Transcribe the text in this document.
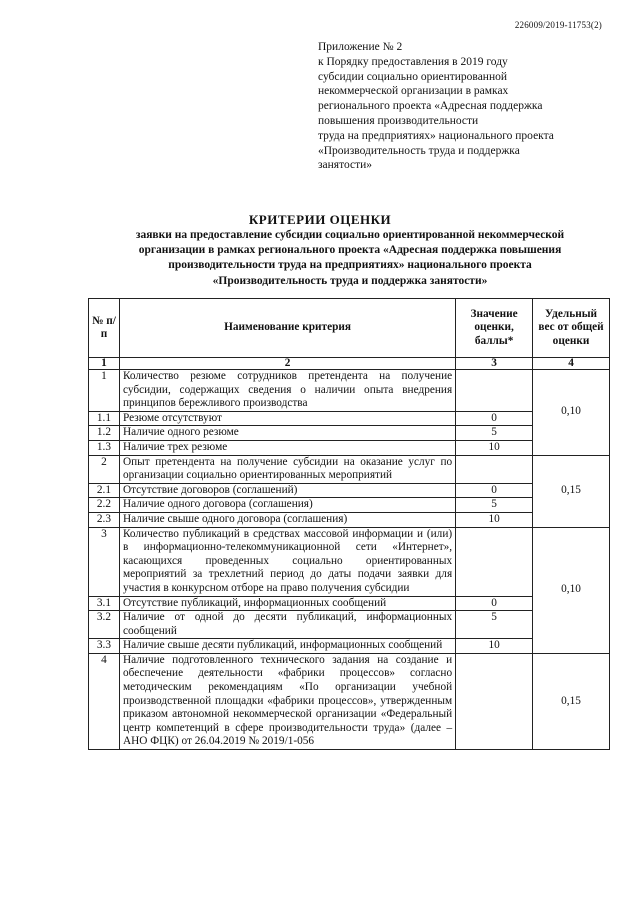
226009/2019-11753(2)
Приложение № 2
к Порядку предоставления в 2019 году
субсидии социально ориентированной
некоммерческой организации в рамках
регионального проекта «Адресная поддержка
повышения производительности
труда на предприятиях» национального проекта
«Производительность труда и поддержка
занятости»
КРИТЕРИИ ОЦЕНКИ
заявки на предоставление субсидии социально ориентированной некоммерческой
организации в рамках регионального проекта «Адресная поддержка повышения
производительности труда на предприятиях» национального проекта
«Производительность труда и поддержка занятости»
№ п/п	Наименование критерия	Значение оценки, баллы*	Удельный вес от общей оценки
1	2	3	4
1	Количество резюме сотрудников претендента на получение субсидии, содержащих сведения о наличии опыта внедрения принципов бережливого производства		0,10
1.1	Резюме отсутствуют	0	
1.2	Наличие одного резюме	5	
1.3	Наличие трех резюме	10	
2	Опыт претендента на получение субсидии на оказание услуг по организации социально ориентированных мероприятий		0,15
2.1	Отсутствие договоров (соглашений)	0	
2.2	Наличие одного договора (соглашения)	5	
2.3	Наличие свыше одного договора (соглашения)	10	
3	Количество публикаций в средствах массовой информации и (или) в информационно-телекоммуникационной сети «Интернет», касающихся проведенных социально ориентированных мероприятий за трехлетний период до даты подачи заявки для участия в конкурсном отборе на право получения субсидии		0,10
3.1	Отсутствие публикаций, информационных сообщений	0	
3.2	Наличие от одной до десяти публикаций, информационных сообщений	5	
3.3	Наличие свыше десяти публикаций, информационных сообщений	10	
4	Наличие подготовленного технического задания на создание и обеспечение деятельности «фабрики процессов» согласно методическим рекомендациям «По организации учебной производственной площадки «фабрики процессов», утвержденным приказом автономной некоммерческой организации «Федеральный центр компетенций в сфере производительности труда» (далее – АНО ФЦК) от 26.04.2019 № 2019/1-056		0,15
